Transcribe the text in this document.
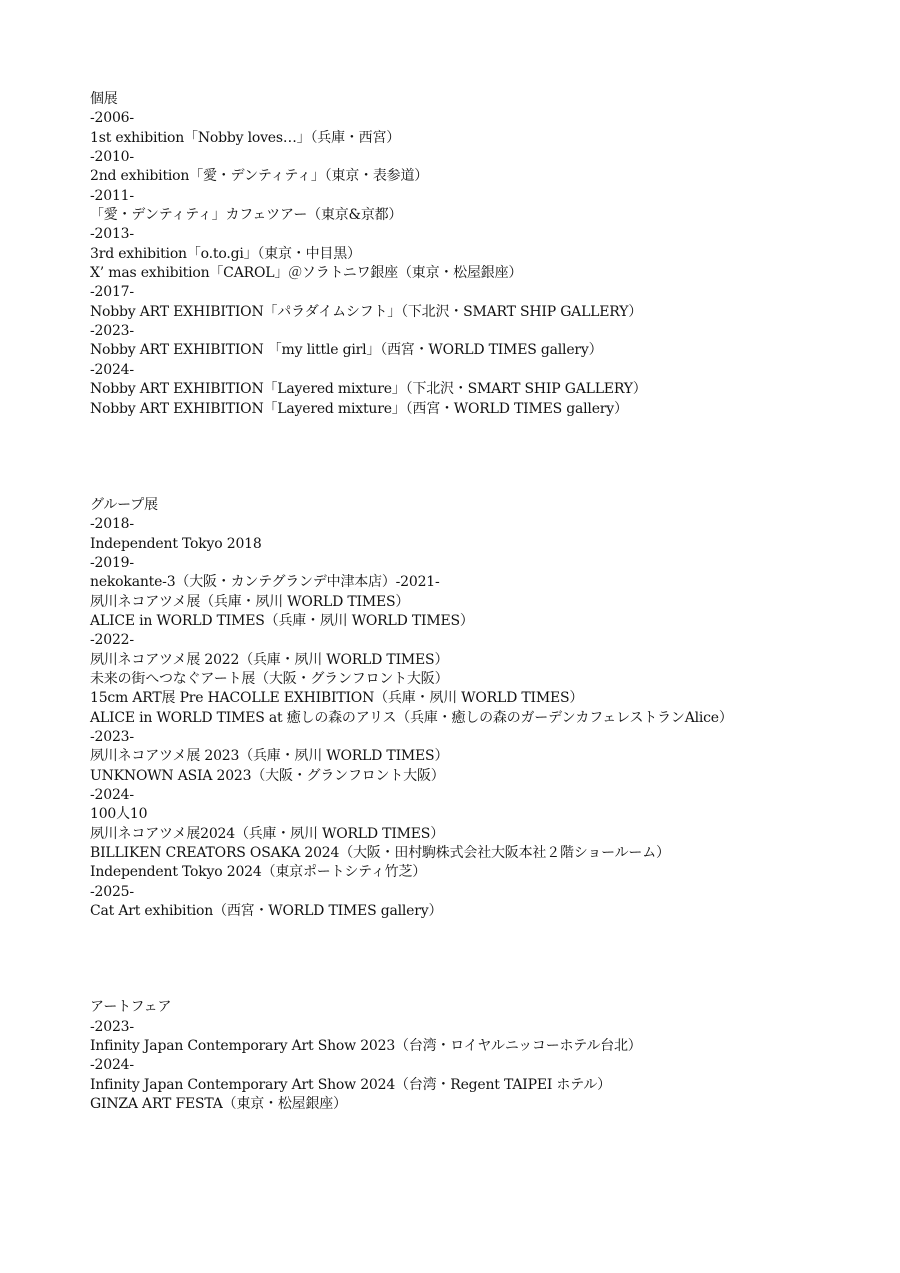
個展
-2006-
1st exhibition「Nobby loves…」（兵庫・西宮）
-2010-
2nd exhibition「愛・デンティティ」（東京・表参道）
-2011-
「愛・デンティティ」カフェツアー（東京&京都）
-2013-
3rd exhibition「o.to.gi」（東京・中目黒）
X’ mas exhibition「CAROL」＠ソラトニワ銀座（東京・松屋銀座）
-2017-
Nobby ART EXHIBITION「パラダイムシフト」（下北沢・SMART SHIP GALLERY）
-2023-
Nobby ART EXHIBITION 「my little girl」（西宮・WORLD TIMES gallery）
-2024-
Nobby ART EXHIBITION「Layered mixture」（下北沢・SMART SHIP GALLERY）
Nobby ART EXHIBITION「Layered mixture」（西宮・WORLD TIMES gallery）
グループ展
-2018-
Independent Tokyo 2018
-2019-
nekokante-3（大阪・カンテグランデ中津本店）-2021-
夙川ネコアツメ展（兵庫・夙川 WORLD TIMES）
ALICE in WORLD TIMES（兵庫・夙川 WORLD TIMES）
-2022-
夙川ネコアツメ展 2022（兵庫・夙川 WORLD TIMES）
未来の街へつなぐアート展（大阪・グランフロント大阪）
15cm ART展 Pre HACOLLE EXHIBITION（兵庫・夙川 WORLD TIMES）
ALICE in WORLD TIMES at 癒しの森のアリス（兵庫・癒しの森のガーデンカフェレストランAlice）
-2023-
夙川ネコアツメ展 2023（兵庫・夙川 WORLD TIMES）
UNKNOWN ASIA 2023（大阪・グランフロント大阪）
-2024-
100人10
夙川ネコアツメ展2024（兵庫・夙川 WORLD TIMES）
BILLIKEN CREATORS OSAKA 2024（大阪・田村駒株式会社大阪本社２階ショールーム）
Independent Tokyo 2024（東京ポートシティ竹芝）
-2025-
Cat Art exhibition（西宮・WORLD TIMES gallery）
アートフェア
-2023-
Infinity Japan Contemporary Art Show 2023（台湾・ロイヤルニッコーホテル台北）
-2024-
Infinity Japan Contemporary Art Show 2024（台湾・Regent TAIPEI ホテル）
GINZA ART FESTA（東京・松屋銀座）
